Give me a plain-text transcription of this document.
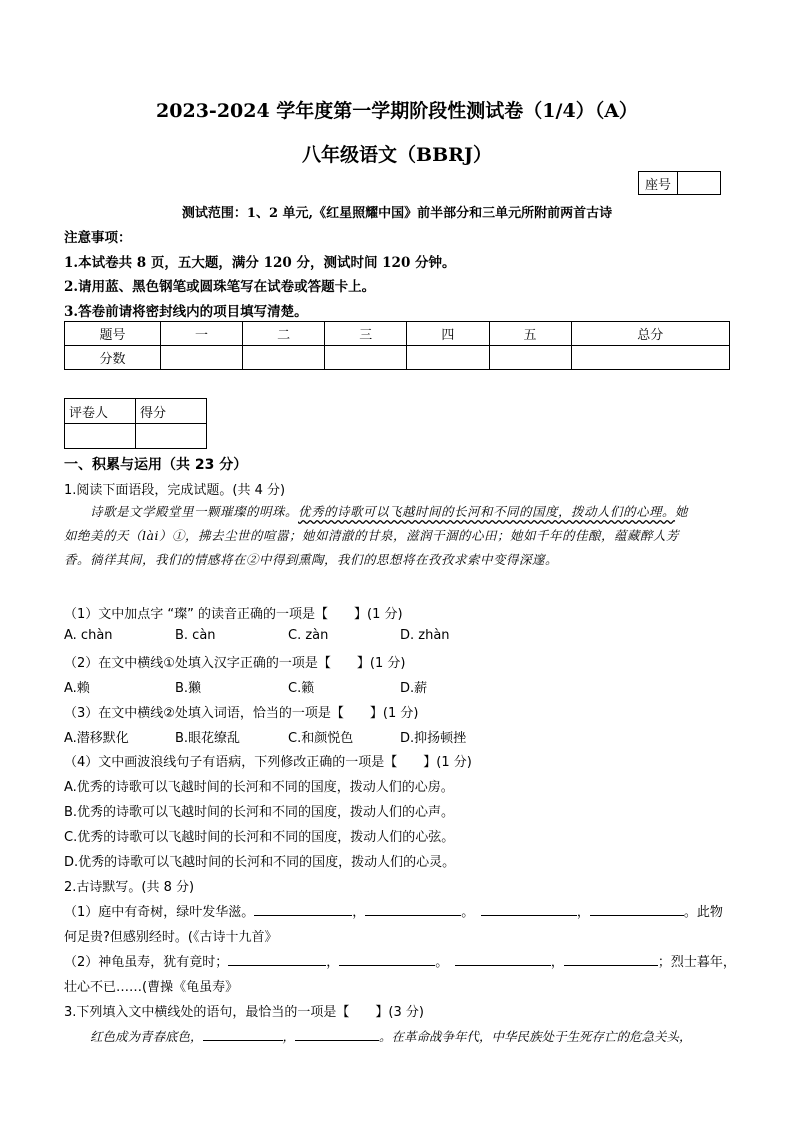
2023-2024 学年度第一学期阶段性测试卷（1/4）（A）
八年级语文（BBRJ）
座号	
测试范围：1、2 单元,《红星照耀中国》前半部分和三单元所附前两首古诗
注意事项：
1.本试卷共 8 页，五大题，满分 120 分，测试时间 120 分钟。
2.请用蓝、黑色钢笔或圆珠笔写在试卷或答题卡上。
3.答卷前请将密封线内的项目填写清楚。
题号	一	二	三	四	五	总分
分数						
评卷人	得分

一、积累与运用（共 23 分）
1.阅读下面语段，完成试题。(共 4 分)
诗歌是文学殿堂里一颗璀璨的明珠。优秀的诗歌可以飞越时间的长河和不同的国度，拨动人们的心理。她
如绝美的天（lài）①，拂去尘世的喧嚣；她如清澈的甘泉，滋润干涸的心田；她如千年的佳酿，蕴藏醉人芳
香。徜徉其间，我们的情感将在②中得到熏陶，我们的思想将在孜孜求索中变得深邃。
（1）文中加点字 “璨” 的读音正确的一项是【　　】(1 分)
A. chàn	B. càn	C. zàn	D. zhàn
（2）在文中横线①处填入汉字正确的一项是【　　】(1 分)
A.赖	B.獭	C.籁	D.薪
（3）在文中横线②处填入词语，恰当的一项是【　　】(1 分)
A.潜移默化	B.眼花缭乱	C.和颜悦色	D.抑扬顿挫
（4）文中画波浪线句子有语病，下列修改正确的一项是【　　】(1 分)
A.优秀的诗歌可以飞越时间的长河和不同的国度，拨动人们的心房。
B.优秀的诗歌可以飞越时间的长河和不同的国度，拨动人们的心声。
C.优秀的诗歌可以飞越时间的长河和不同的国度，拨动人们的心弦。
D.优秀的诗歌可以飞越时间的长河和不同的国度，拨动人们的心灵。
2.古诗默写。(共 8 分)
（1）庭中有奇树，绿叶发华滋。	，	。　	，	。此物
何足贵?但感别经时。(《古诗十九首》
（2）神龟虽寿，犹有竟时；	，	。　	，	；烈士暮年，
壮心不已……(曹操《龟虽寿》
3.下列填入文中横线处的语句，最恰当的一项是【　　】(3 分)
红色成为青春底色，	，	。在革命战争年代，中华民族处于生死存亡的危急关头，
